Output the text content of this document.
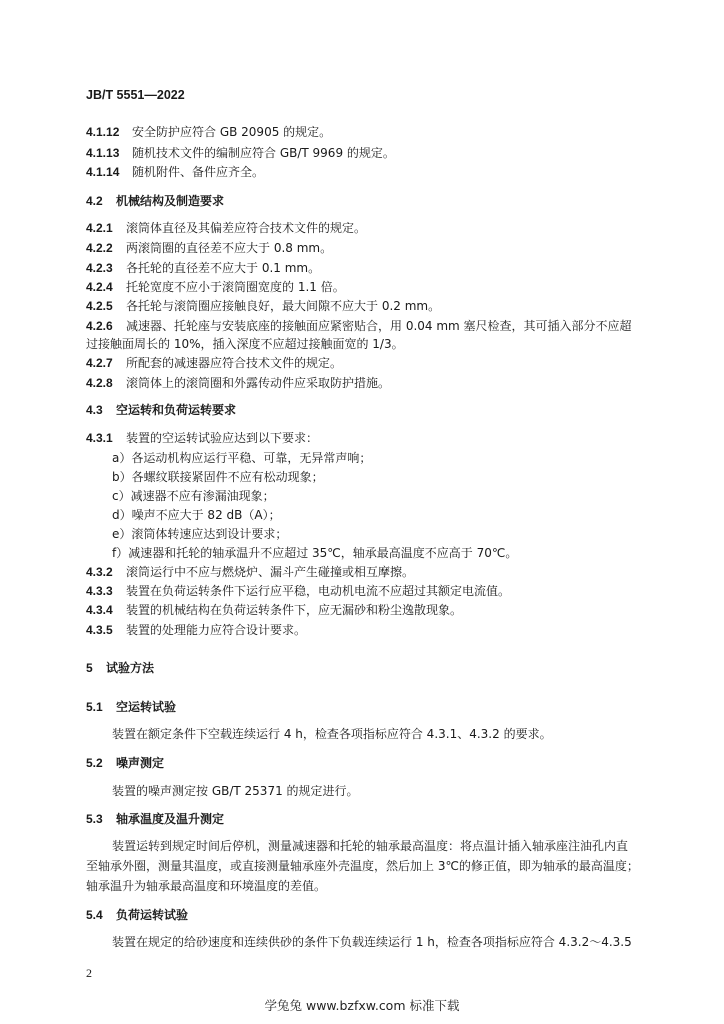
JB/T 5551—2022
4.1.12 安全防护应符合 GB 20905 的规定。
4.1.13 随机技术文件的编制应符合 GB/T 9969 的规定。
4.1.14 随机附件、备件应齐全。
4.2 机械结构及制造要求
4.2.1 滚筒体直径及其偏差应符合技术文件的规定。
4.2.2 两滚筒圈的直径差不应大于 0.8 mm。
4.2.3 各托轮的直径差不应大于 0.1 mm。
4.2.4 托轮宽度不应小于滚筒圈宽度的 1.1 倍。
4.2.5 各托轮与滚筒圈应接触良好，最大间隙不应大于 0.2 mm。
4.2.6 减速器、托轮座与安装底座的接触面应紧密贴合，用 0.04 mm 塞尺检查，其可插入部分不应超
过接触面周长的 10%，插入深度不应超过接触面宽的 1/3。
4.2.7 所配套的减速器应符合技术文件的规定。
4.2.8 滚筒体上的滚筒圈和外露传动件应采取防护措施。
4.3 空运转和负荷运转要求
4.3.1 装置的空运转试验应达到以下要求：
a）各运动机构应运行平稳、可靠，无异常声响；
b）各螺纹联接紧固件不应有松动现象；
c）减速器不应有渗漏油现象；
d）噪声不应大于 82 dB（A）；
e）滚筒体转速应达到设计要求；
f）减速器和托轮的轴承温升不应超过 35℃，轴承最高温度不应高于 70℃。
4.3.2 滚筒运行中不应与燃烧炉、漏斗产生碰撞或相互摩擦。
4.3.3 装置在负荷运转条件下运行应平稳，电动机电流不应超过其额定电流值。
4.3.4 装置的机械结构在负荷运转条件下，应无漏砂和粉尘逸散现象。
4.3.5 装置的处理能力应符合设计要求。
5 试验方法
5.1 空运转试验
装置在额定条件下空载连续运行 4 h，检查各项指标应符合 4.3.1、4.3.2 的要求。
5.2 噪声测定
装置的噪声测定按 GB/T 25371 的规定进行。
5.3 轴承温度及温升测定
装置运转到规定时间后停机，测量减速器和托轮的轴承最高温度：将点温计插入轴承座注油孔内直
至轴承外圈，测量其温度，或直接测量轴承座外壳温度，然后加上 3℃的修正值，即为轴承的最高温度；
轴承温升为轴承最高温度和环境温度的差值。
5.4 负荷运转试验
装置在规定的给砂速度和连续供砂的条件下负载连续运行 1 h，检查各项指标应符合 4.3.2～4.3.5
2
学兔兔 www.bzfxw.com 标准下载
